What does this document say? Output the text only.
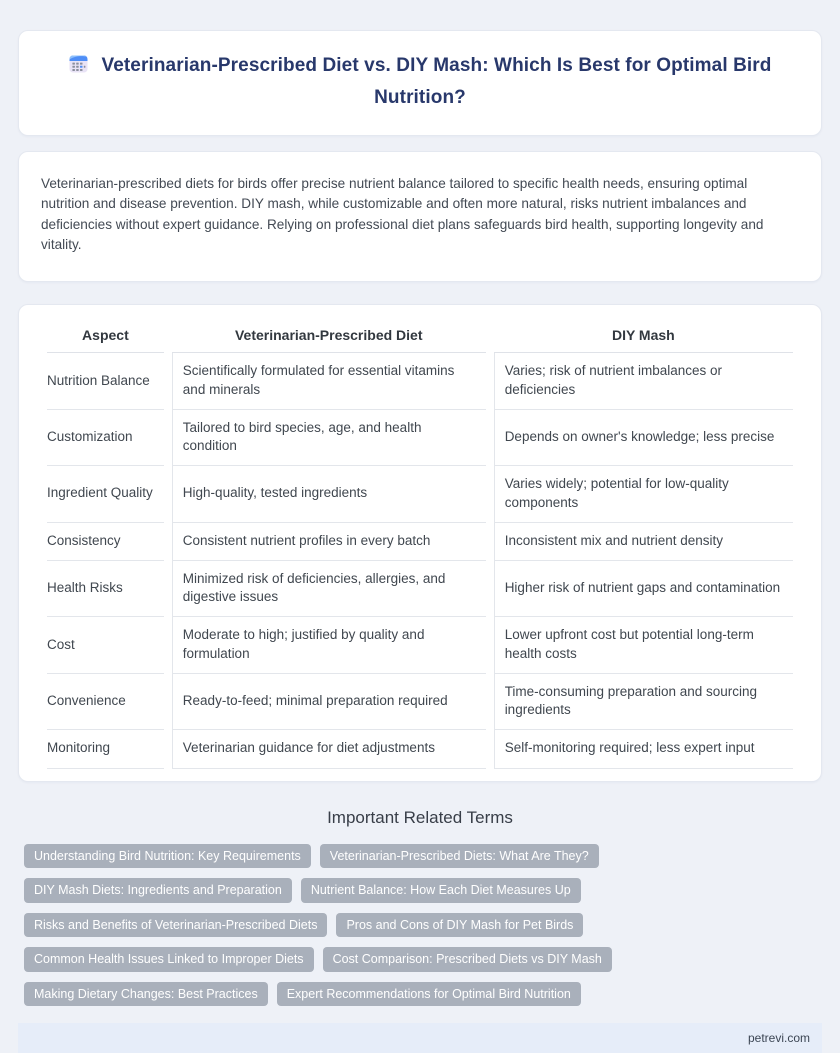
Veterinarian-Prescribed Diet vs. DIY Mash: Which Is Best for Optimal Bird Nutrition?

Veterinarian-prescribed diets for birds offer precise nutrient balance tailored to specific health needs, ensuring optimal nutrition and disease prevention. DIY mash, while customizable and often more natural, risks nutrient imbalances and deficiencies without expert guidance. Relying on professional diet plans safeguards bird health, supporting longevity and vitality.

Aspect	Veterinarian-Prescribed Diet	DIY Mash
Nutrition Balance	Scientifically formulated for essential vitamins and minerals	Varies; risk of nutrient imbalances or deficiencies
Customization	Tailored to bird species, age, and health condition	Depends on owner's knowledge; less precise
Ingredient Quality	High-quality, tested ingredients	Varies widely; potential for low-quality components
Consistency	Consistent nutrient profiles in every batch	Inconsistent mix and nutrient density
Health Risks	Minimized risk of deficiencies, allergies, and digestive issues	Higher risk of nutrient gaps and contamination
Cost	Moderate to high; justified by quality and formulation	Lower upfront cost but potential long-term health costs
Convenience	Ready-to-feed; minimal preparation required	Time-consuming preparation and sourcing ingredients
Monitoring	Veterinarian guidance for diet adjustments	Self-monitoring required; less expert input
Important Related Terms
Understanding Bird Nutrition: Key Requirements	Veterinarian-Prescribed Diets: What Are They?
DIY Mash Diets: Ingredients and Preparation	Nutrient Balance: How Each Diet Measures Up
Risks and Benefits of Veterinarian-Prescribed Diets	Pros and Cons of DIY Mash for Pet Birds
Common Health Issues Linked to Improper Diets	Cost Comparison: Prescribed Diets vs DIY Mash
Making Dietary Changes: Best Practices	Expert Recommendations for Optimal Bird Nutrition
petrevi.com
